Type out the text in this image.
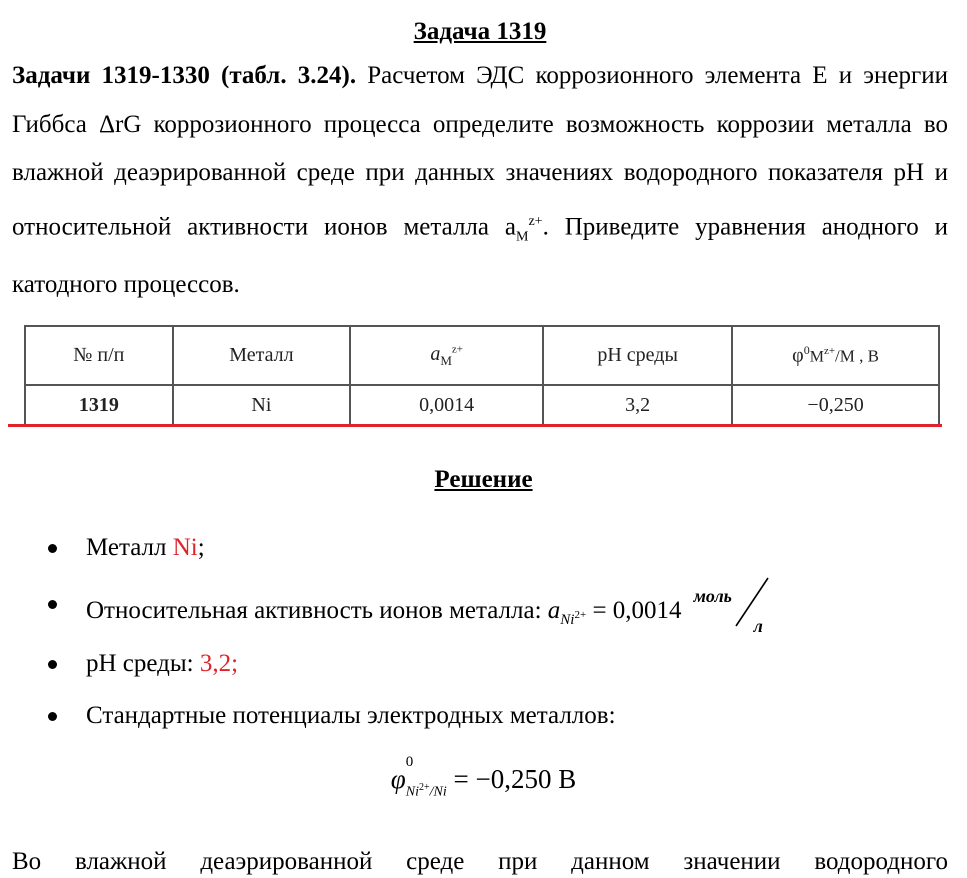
Задача 1319
Задачи 1319-1330 (табл. 3.24). Расчетом ЭДС коррозионного элемента E и энергии Гиббса ΔrG коррозионного процесса определите возможность коррозии металла во влажной деаэрированной среде при данных значениях водородного показателя pH и относительной активности ионов металла $a_M^{z+}$. Приведите уравнения анодного и катодного процессов.
№ п/п	Металл	$a_M^{z+}$	pH среды	$\varphi^0M^{z+}/M$ , B
1319	Ni	0,0014	3,2	−0,250
Решение
Металл Ni;
Относительная активность ионов металла: $a_{Ni^{2+}} = 0,0014$
моль
л
pH среды: 3,2;
Стандартные потенциалы электродных металлов:
φ
$^0$
$Ni^{2+}/Ni = -0,250$ B
Во влажной деаэрированной среде при данном значении водородного
